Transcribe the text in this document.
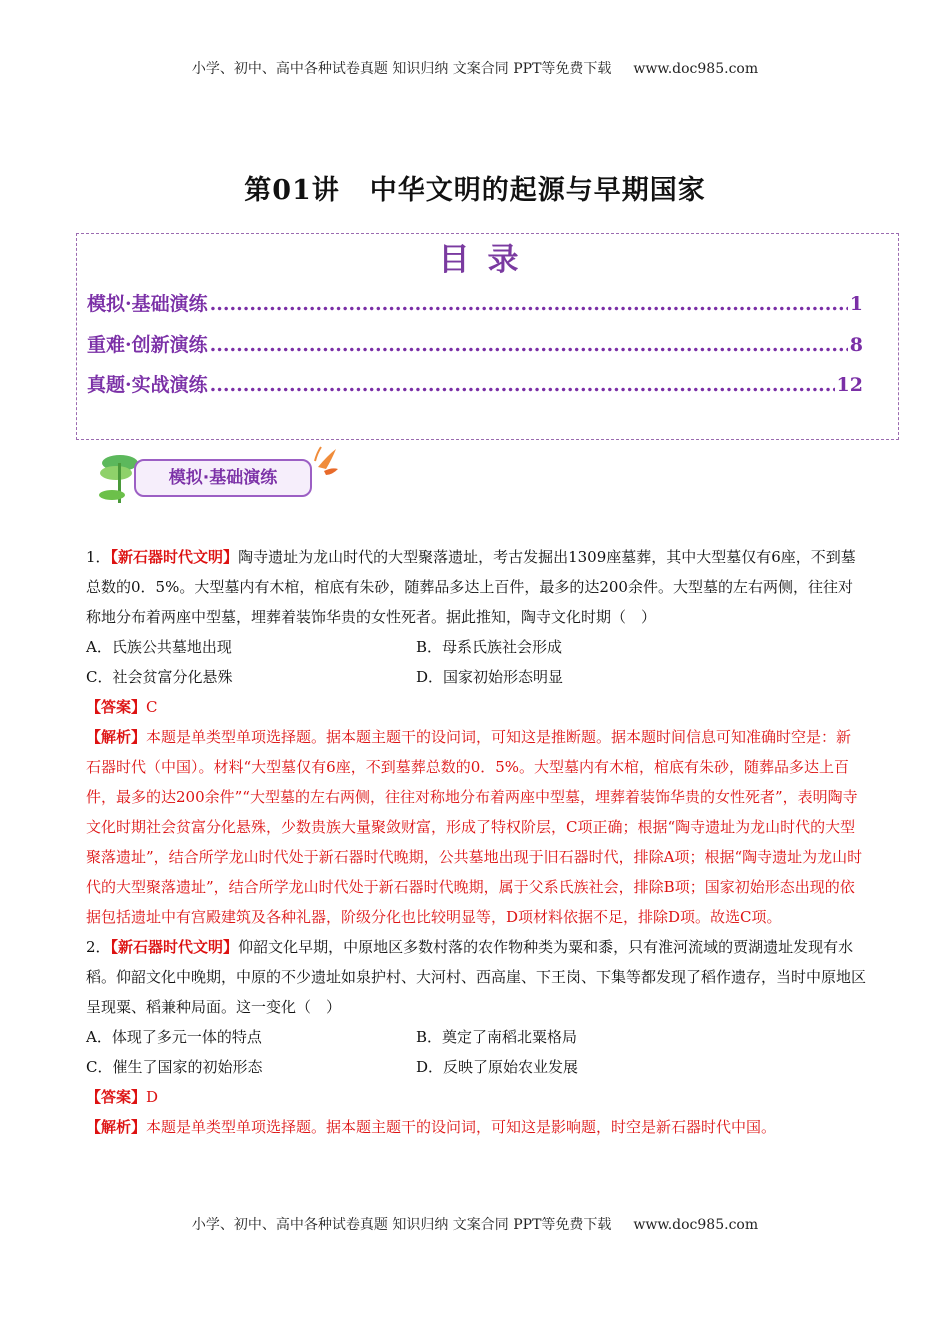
小学、初中、高中各种试卷真题 知识归纳 文案合同 PPT等免费下载 www.doc985.com
第01讲 中华文明的起源与早期国家
目录
模拟·基础演练 .....	1
重难·创新演练 .....	8
真题·实战演练 .....	12
模拟·基础演练

1．【新石器时代文明】陶寺遗址为龙山时代的大型聚落遗址，考古发掘出1309座墓葬，其中大型墓仅有6座，不到墓总数的0．5%。大型墓内有木棺，棺底有朱砂，随葬品多达上百件，最多的达200余件。大型墓的左右两侧，往往对称地分布着两座中型墓，埋葬着装饰华贵的女性死者。据此推知，陶寺文化时期（　）

A．氏族公共墓地出现	B．母系氏族社会形成
C．社会贫富分化悬殊	D．国家初始形态明显

【答案】C

【解析】本题是单类型单项选择题。据本题主题干的设问词，可知这是推断题。据本题时间信息可知准确时空是：新石器时代（中国）。材料“大型墓仅有6座，不到墓葬总数的0．5%。大型墓内有木棺，棺底有朱砂，随葬品多达上百件，最多的达200余件”“大型墓的左右两侧，往往对称地分布着两座中型墓，埋葬着装饰华贵的女性死者”，表明陶寺文化时期社会贫富分化悬殊，少数贵族大量聚敛财富，形成了特权阶层，C项正确；根据“陶寺遗址为龙山时代的大型聚落遗址”，结合所学龙山时代处于新石器时代晚期，公共墓地出现于旧石器时代，排除A项；根据“陶寺遗址为龙山时代的大型聚落遗址”，结合所学龙山时代处于新石器时代晚期，属于父系氏族社会，排除B项；国家初始形态出现的依据包括遗址中有宫殿建筑及各种礼器，阶级分化也比较明显等，D项材料依据不足，排除D项。故选C项。

2．【新石器时代文明】仰韶文化早期，中原地区多数村落的农作物种类为粟和黍，只有淮河流域的贾湖遗址发现有水稻。仰韶文化中晚期，中原的不少遗址如泉护村、大河村、西高崖、下王岗、下集等都发现了稻作遗存，当时中原地区呈现粟、稻兼种局面。这一变化（　）

A．体现了多元一体的特点	B．奠定了南稻北粟格局
C．催生了国家的初始形态	D．反映了原始农业发展

【答案】D

【解析】本题是单类型单项选择题。据本题主题干的设问词，可知这是影响题，时空是新石器时代中国。

小学、初中、高中各种试卷真题 知识归纳 文案合同 PPT等免费下载 www.doc985.com
